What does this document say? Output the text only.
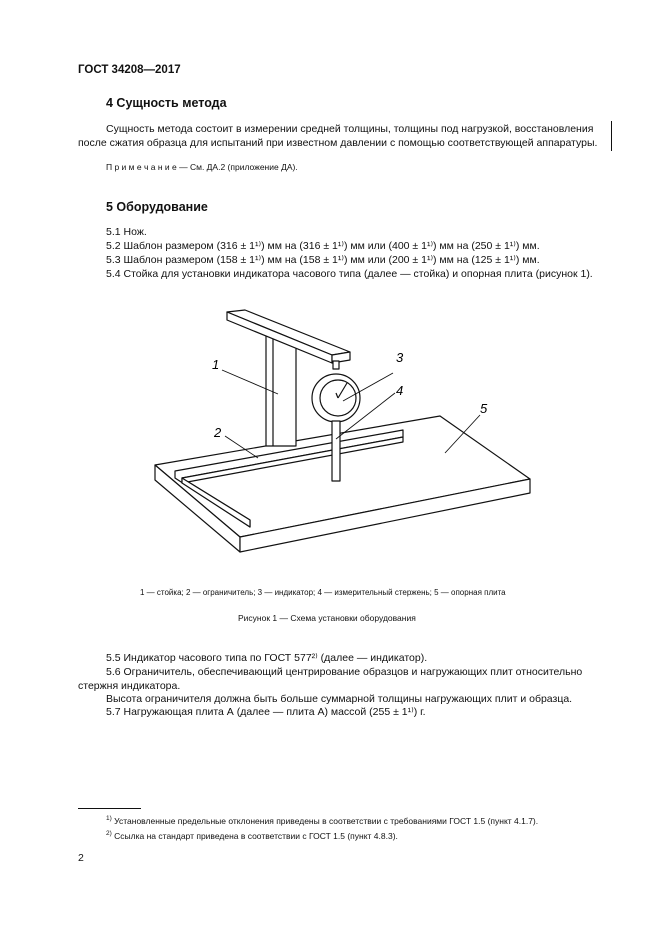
ГОСТ 34208—2017
4 Сущность метода
Сущность метода состоит в измерении средней толщины, толщины под нагрузкой, восстановления
после сжатия образца для испытаний при известном давлении с помощью соответствующей аппаратуры.
П р и м е ч а н и е — См. ДА.2 (приложение ДА).
5 Оборудование
5.1 Нож.
5.2 Шаблон размером (316 ± 1¹⁾) мм на (316 ± 1¹⁾) мм или (400 ± 1¹⁾) мм на (250 ± 1¹⁾) мм.
5.3 Шаблон размером (158 ± 1¹⁾) мм на (158 ± 1¹⁾) мм или (200 ± 1¹⁾) мм на (125 ± 1¹⁾) мм.
5.4 Стойка для установки индикатора часового типа (далее — стойка) и опорная плита (рисунок 1).
1
2
3
4
5
1 — стойка; 2 — ограничитель; 3 — индикатор; 4 — измерительный стержень; 5 — опорная плита
Рисунок 1 — Схема установки оборудования
5.5 Индикатор часового типа по ГОСТ 577²⁾ (далее — индикатор).
5.6 Ограничитель, обеспечивающий центрирование образцов и нагружающих плит относительно
стержня индикатора.
Высота ограничителя должна быть больше суммарной толщины нагружающих плит и образца.
5.7 Нагружающая плита А (далее — плита А) массой (255 ± 1¹⁾) г.
$^{1)}$ Установленные предельные отклонения приведены в соответствии с требованиями ГОСТ 1.5 (пункт 4.1.7).
$^{2)}$ Ссылка на стандарт приведена в соответствии с ГОСТ 1.5 (пункт 4.8.3).
2
